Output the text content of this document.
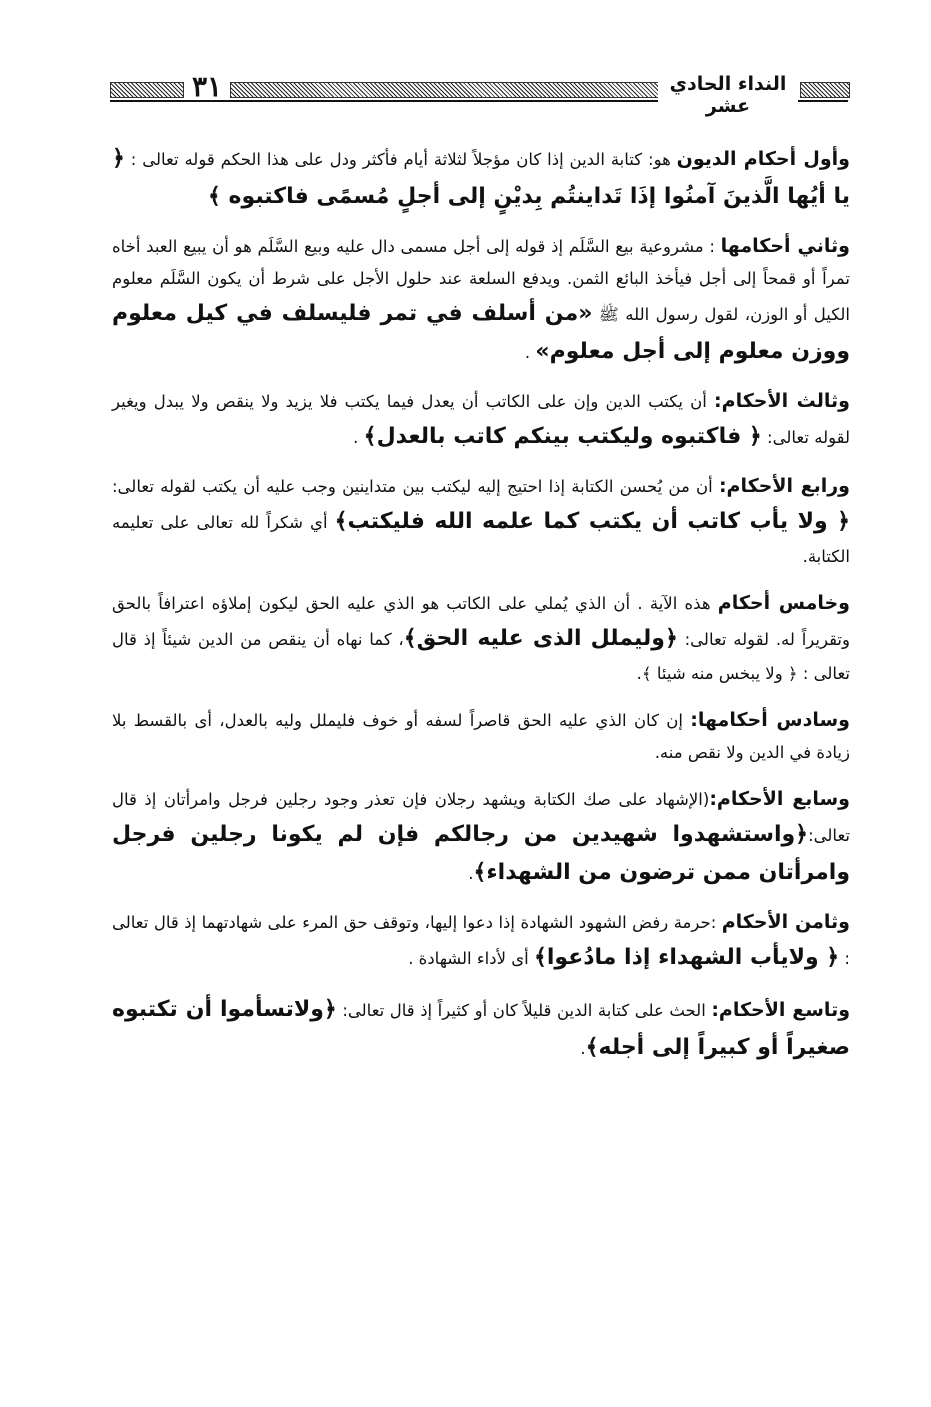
٣١	النداء الحادي عشر

وأول أحكام الديون هو: كتابة الدين إذا كان مؤجلاً لثلاثة أيام فأكثر ودل على هذا الحكم قوله تعالى : ﴿ يا أيُها الَّذينَ آمنُوا إذَا تَداينتُم بِديْنٍ إلى أجلٍ مُسمًى فاكتبوه ﴾

وثاني أحكامها : مشروعية بيع السَّلَم إذ قوله إلى أجل مسمى دال عليه وبيع السَّلَم هو أن يبيع العبد أخاه تمراً أو قمحاً إلى أجل فيأخذ البائع الثمن. ويدفع السلعة عند حلول الأجل على شرط أن يكون السَّلَم معلوم الكيل أو الوزن، لقول رسول الله ﷺ «من أسلف في تمر فليسلف في كيل معلوم ووزن معلوم إلى أجل معلوم» .

وثالث الأحكام: أن يكتب الدين وإن على الكاتب أن يعدل فيما يكتب فلا يزيد ولا ينقص ولا يبدل ويغير لقوله تعالى: ﴿ فاكتبوه وليكتب بينكم كاتب بالعدل﴾ .

ورابع الأحكام: أن من يُحسن الكتابة إذا احتيج إليه ليكتب بين متداينين وجب عليه أن يكتب لقوله تعالى: ﴿ ولا يأب كاتب أن يكتب كما علمه الله فليكتب﴾ أي شكراً لله تعالى على تعليمه الكتابة.

وخامس أحكام هذه الآية . أن الذي يُملي على الكاتب هو الذي عليه الحق ليكون إملاؤه اعترافاً بالحق وتقريراً له. لقوله تعالى: ﴿وليملل الذى عليه الحق﴾، كما نهاه أن ينقص من الدين شيئاً إذ قال تعالى : ﴿ ولا يبخس منه شيئا ﴾.

وسادس أحكامها: إن كان الذي عليه الحق قاصراً لسفه أو خوف فليملل وليه بالعدل، أى بالقسط بلا زيادة في الدين ولا نقص منه.

وسابع الأحكام:(الإشهاد على صك الكتابة ويشهد رجلان فإن تعذر وجود رجلين فرجل وامرأتان إذ قال تعالى:﴿واستشهدوا شهيدين من رجالكم فإن لم يكونا رجلين فرجل وامرأتان ممن ترضون من الشهداء﴾.

وثامن الأحكام :حرمة رفض الشهود الشهادة إذا دعوا إليها، وتوقف حق المرء على شهادتهما إذ قال تعالى : ﴿ ولايأب الشهداء إذا مادُعوا﴾ أى لأداء الشهادة .

وتاسع الأحكام: الحث على كتابة الدين قليلاً كان أو كثيراً إذ قال تعالى: ﴿ولاتسأموا أن تكتبوه صغيراً أو كبيراً إلى أجله﴾.
